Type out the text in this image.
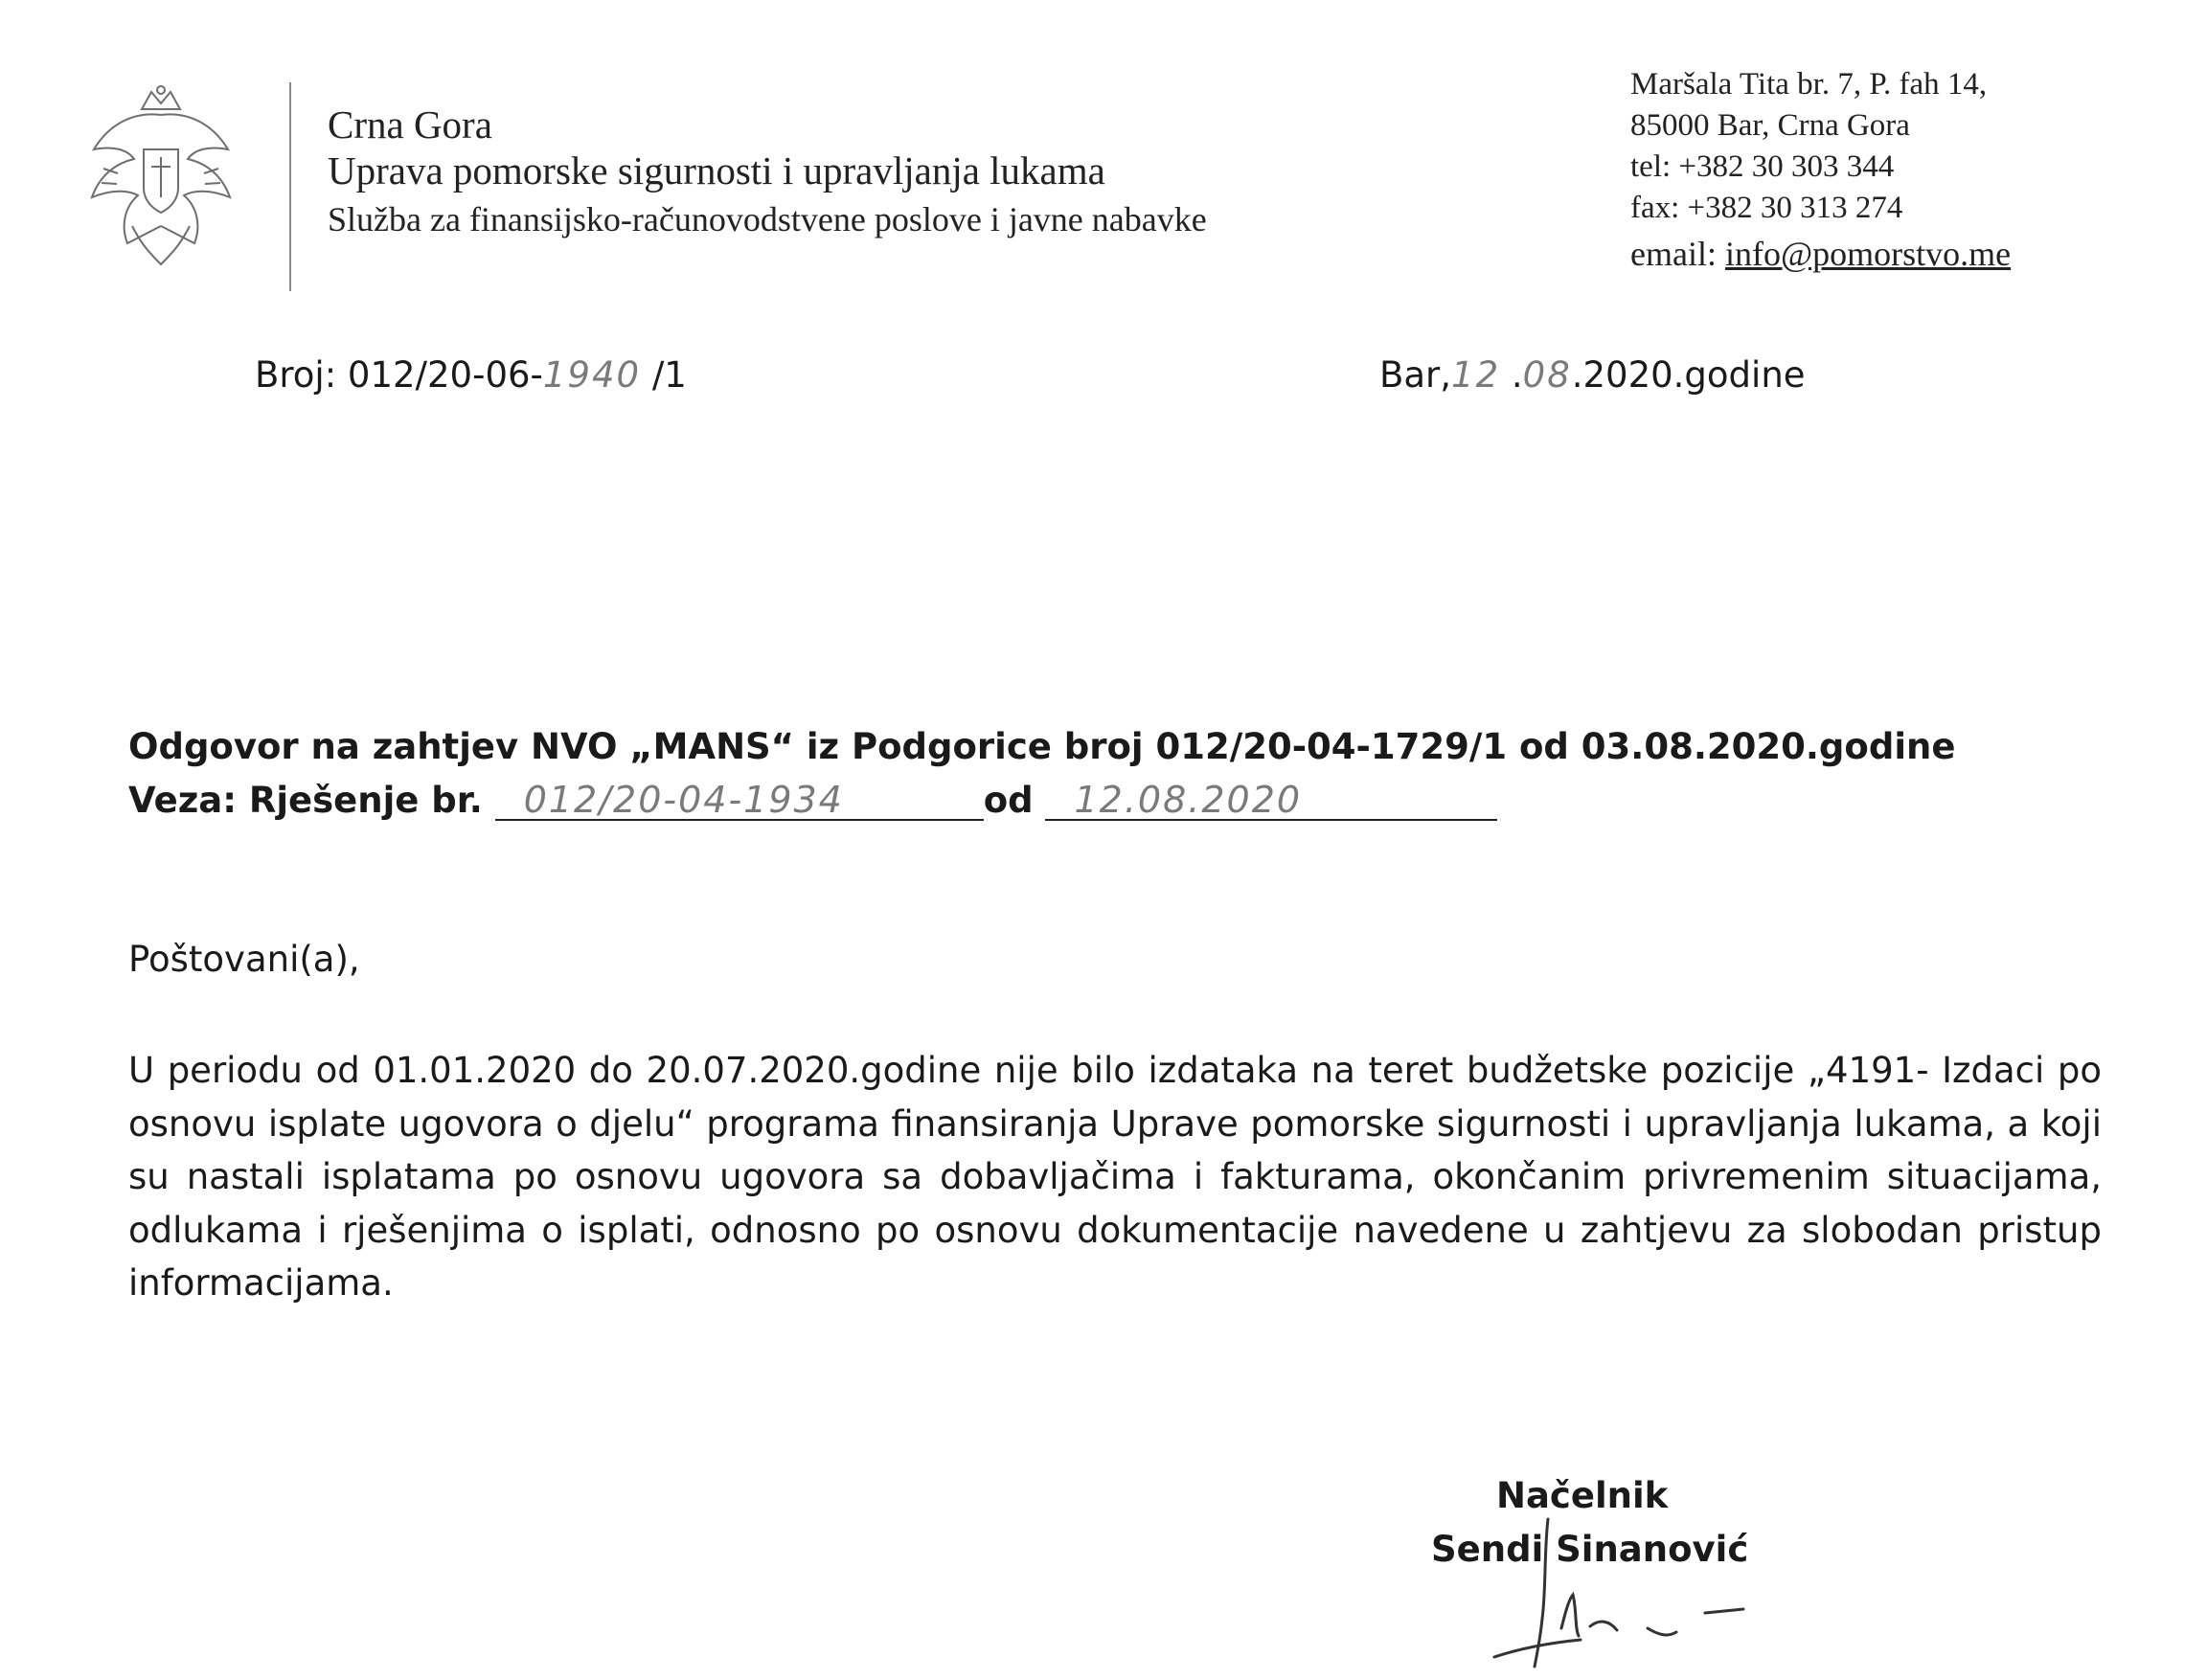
Crna Gora
Uprava pomorske sigurnosti i upravljanja lukama
Služba za finansijsko-računovodstvene poslove i javne nabavke
Maršala Tita br. 7, P. fah 14,
85000 Bar, Crna Gora
tel: +382 30 303 344
fax: +382 30 313 274
email: info@pomorstvo.me
Broj: 012/20-06-1940 /1	Bar,12 .08.2020.godine
Odgovor na zahtjev NVO „MANS“ iz Podgorice broj 012/20-04-1729/1 od 03.08.2020.godine
Veza: Rješenje br. 012/20-04-1934	od 12.08.2020
Poštovani(a),
U periodu od 01.01.2020 do 20.07.2020.godine nije bilo izdataka na teret budžetske pozicije „4191- Izdaci po osnovu isplate ugovora o djelu“ programa finansiranja Uprave pomorske sigurnosti i upravljanja lukama, a koji su nastali isplatama po osnovu ugovora sa dobavljačima i fakturama, okončanim privremenim situacijama, odlukama i rješenjima o isplati, odnosno po osnovu dokumentacije navedene u zahtjevu za slobodan pristup informacijama.
Načelnik
Sendi Sinanović
